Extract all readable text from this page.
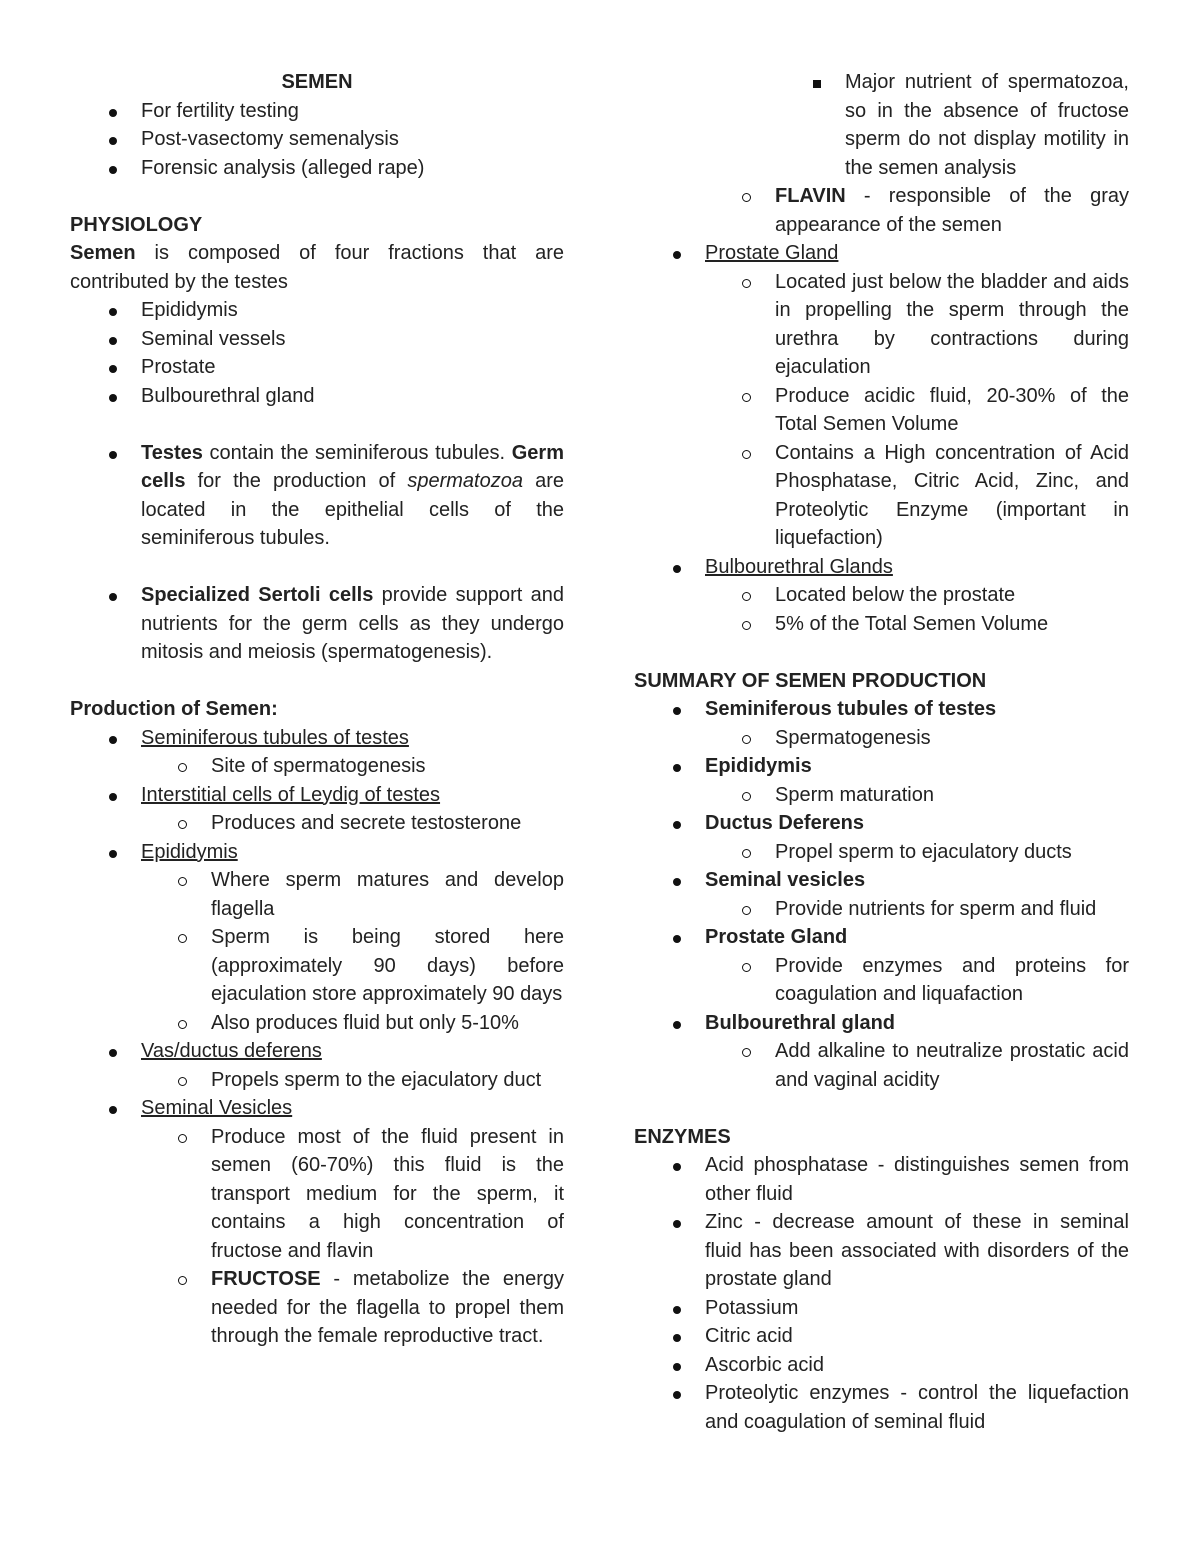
SEMEN
For fertility testing
Post-vasectomy semenalysis
Forensic analysis (alleged rape)
PHYSIOLOGY

Semen is composed of four fractions that are contributed by the testes

Epididymis
Seminal vessels
Prostate
Bulbourethral gland
Testes contain the seminiferous tubules. Germ cells for the production of spermatozoa are located in the epithelial cells of the seminiferous tubules.
Specialized Sertoli cells provide support and nutrients for the germ cells as they undergo mitosis and meiosis (spermatogenesis).
Production of Semen:
Seminiferous tubules of testes
Site of spermatogenesis
Interstitial cells of Leydig of testes
Produces and secrete testosterone
Epididymis
Where sperm matures and develop flagella
Sperm is being stored here (approximately 90 days) before ejaculation store approximately 90 days
Also produces fluid but only 5-10%
Vas/ductus deferens
Propels sperm to the ejaculatory duct
Seminal Vesicles
Produce most of the fluid present in semen (60-70%) this fluid is the transport medium for the sperm, it contains a high concentration of fructose and flavin
FRUCTOSE - metabolize the energy needed for the flagella to propel them through the female reproductive tract.
Major nutrient of spermatozoa, so in the absence of fructose sperm do not display motility in the semen analysis
FLAVIN - responsible of the gray appearance of the semen
Prostate Gland
Located just below the bladder and aids in propelling the sperm through the urethra by contractions during ejaculation
Produce acidic fluid, 20-30% of the Total Semen Volume
Contains a High concentration of Acid Phosphatase, Citric Acid, Zinc, and Proteolytic Enzyme (important in liquefaction)
Bulbourethral Glands
Located below the prostate
5% of the Total Semen Volume
SUMMARY OF SEMEN PRODUCTION
Seminiferous tubules of testes
Spermatogenesis
Epididymis
Sperm maturation
Ductus Deferens
Propel sperm to ejaculatory ducts
Seminal vesicles
Provide nutrients for sperm and fluid
Prostate Gland
Provide enzymes and proteins for coagulation and liquafaction
Bulbourethral gland
Add alkaline to neutralize prostatic acid and vaginal acidity
ENZYMES
Acid phosphatase - distinguishes semen from other fluid
Zinc - decrease amount of these in seminal fluid has been associated with disorders of the prostate gland
Potassium
Citric acid
Ascorbic acid
Proteolytic enzymes - control the liquefaction and coagulation of seminal fluid
